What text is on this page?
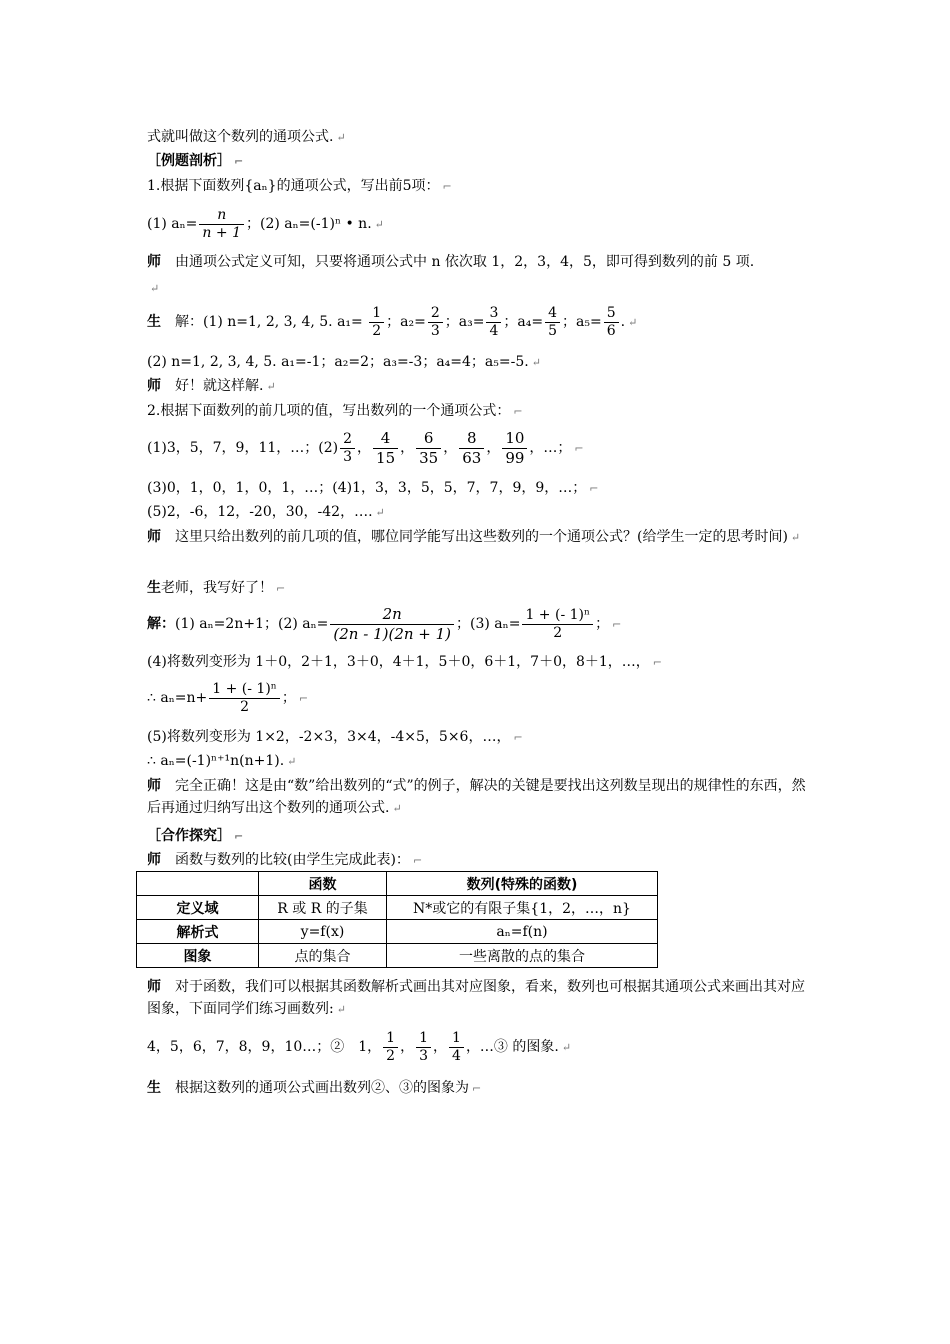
式就叫做这个数列的通项公式. ↵
［例题剖析］ ⌐
1.根据下面数列{aₙ}的通项公式，写出前5项： ⌐
(1) $a_n= \frac{n}{n + 1}$ ；(2) aₙ=(-1)ⁿ • n. ↵
师　 由通项公式定义可知，只要将通项公式中 n 依次取 1，2，3，4，5，即可得到数列的前 5 项.
↵
生　 解：(1) n=1, 2, 3, 4, 5. $a_1= \frac{1}{2}$ ；$a_2= \frac{2}{3}$ ；$a_3= \frac{3}{4}$ ；$a_4= \frac{4}{5}$ ；$a_5= \frac{5}{6}$ . ↵
(2) n=1, 2, 3, 4, 5. a₁=-1；a₂=2；a₃=-3；a₄=4；a₅=-5. ↵
师　 好！就这样解. ↵
2.根据下面数列的前几项的值，写出数列的一个通项公式： ⌐
(1)3，5，7，9，11，…；$(2) \frac{2}{3}$ ， $\frac{4}{15}$ ， $\frac{6}{35}$ ， $\frac{8}{63}$ ， $\frac{10}{99}$ ，…； ⌐
(3)0，1，0，1，0，1，…；(4)1，3，3，5，5，7，7，9，9，…； ⌐
(5)2，-6，12，-20，30，-42，…. ↵
师　 这里只给出数列的前几项的值，哪位同学能写出这些数列的一个通项公式？(给学生一定的思考时间) ↵
生老师，我写好了！ ⌐
解：(1) aₙ=2n+1；(2) $a_n= \frac{2n}{(2n - 1)(2n + 1)}$ ；(3) $a_n= \frac{\text{1 + (- 1)ⁿ}}{2}$ ； ⌐
(4)将数列变形为 1＋0，2＋1，3＋0，4＋1，5＋0，6＋1，7＋0，8＋1，…， ⌐
∴ $a_n=n+ \frac{\text{1 + (- 1)ⁿ}}{2}$ ； ⌐
(5)将数列变形为 1×2，-2×3，3×4，-4×5，5×6，…， ⌐
∴ aₙ=(-1)ⁿ⁺¹n(n+1). ↵
师　 完全正确！这是由“数”给出数列的“式”的例子，解决的关键是要找出这列数呈现出的规律性的东西，然后再通过归纳写出这个数列的通项公式. ↵
［合作探究］ ⌐
师　 函数与数列的比较(由学生完成此表)： ⌐
	函数	数列(特殊的函数)
定义域	R 或 R 的子集	N*或它的有限子集{1，2，…，n}
解析式	y=f(x)	aₙ=f(n)
图象	点的集合	一些离散的点的集合
师　 对于函数，我们可以根据其函数解析式画出其对应图象，看来，数列也可根据其通项公式来画出其对应图象，下面同学们练习画数列: ↵
4，5，6，7，8，9，10…；②　1， $\frac{1}{2}$ ， $\frac{1}{3}$ ， $\frac{1}{4}$ ，…③ 的图象. ↵
生　 根据这数列的通项公式画出数列②、③的图象为 ⌐
